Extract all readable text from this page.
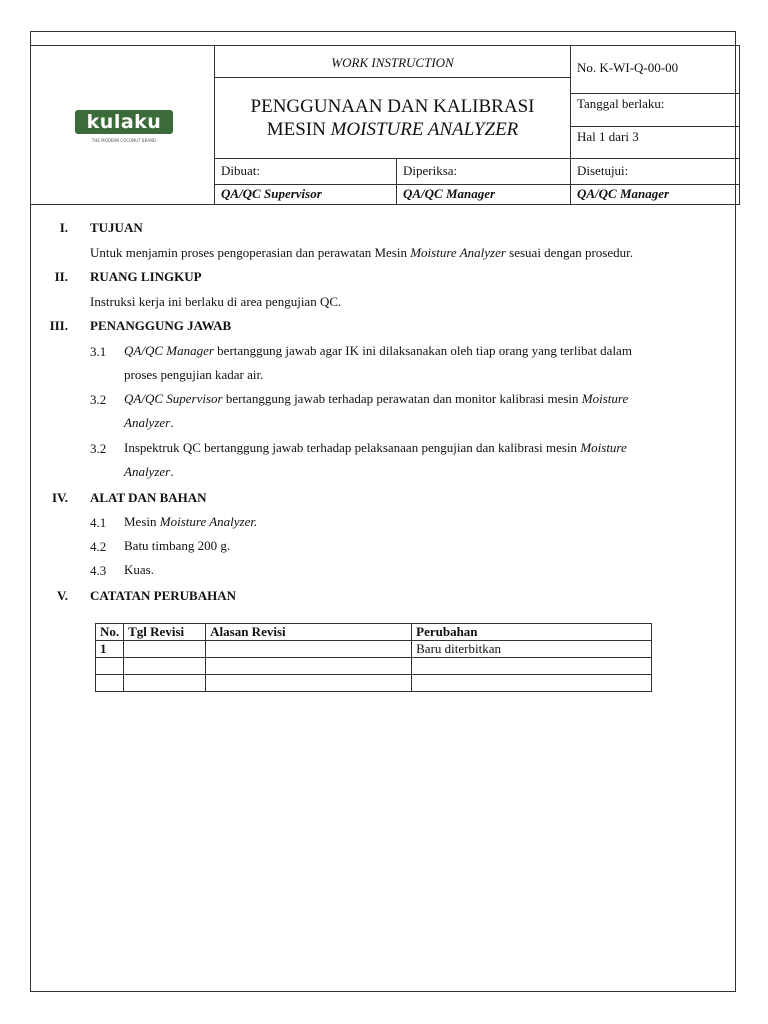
kulaku
THE MODERN COCONUT BRAND
WORK INSTRUCTION
PENGGUNAAN DAN KALIBRASI
MESIN MOISTURE ANALYZER
No. K-WI-Q-00-00
Tanggal berlaku:
Hal 1 dari 3
Dibuat:	Diperiksa:	Disetujui:
QA/QC Supervisor	QA/QC Manager	QA/QC Manager
I. TUJUAN
Untuk menjamin proses pengoperasian dan perawatan Mesin Moisture Analyzer sesuai dengan prosedur.
II. RUANG LINGKUP
Instruksi kerja ini berlaku di area pengujian QC.
III. PENANGGUNG JAWAB
3.1 QA/QC Manager bertanggung jawab agar IK ini dilaksanakan oleh tiap orang yang terlibat dalam
proses pengujian kadar air.
3.2 QA/QC Supervisor bertanggung jawab terhadap perawatan dan monitor kalibrasi mesin Moisture
Analyzer.
3.2 Inspektruk QC bertanggung jawab terhadap pelaksanaan pengujian dan kalibrasi mesin Moisture
Analyzer.
IV. ALAT DAN BAHAN
4.1 Mesin Moisture Analyzer.
4.2 Batu timbang 200 g.
4.3 Kuas.
V. CATATAN PERUBAHAN
No.	Tgl Revisi	Alasan Revisi	Perubahan
1			Baru diterbitkan
